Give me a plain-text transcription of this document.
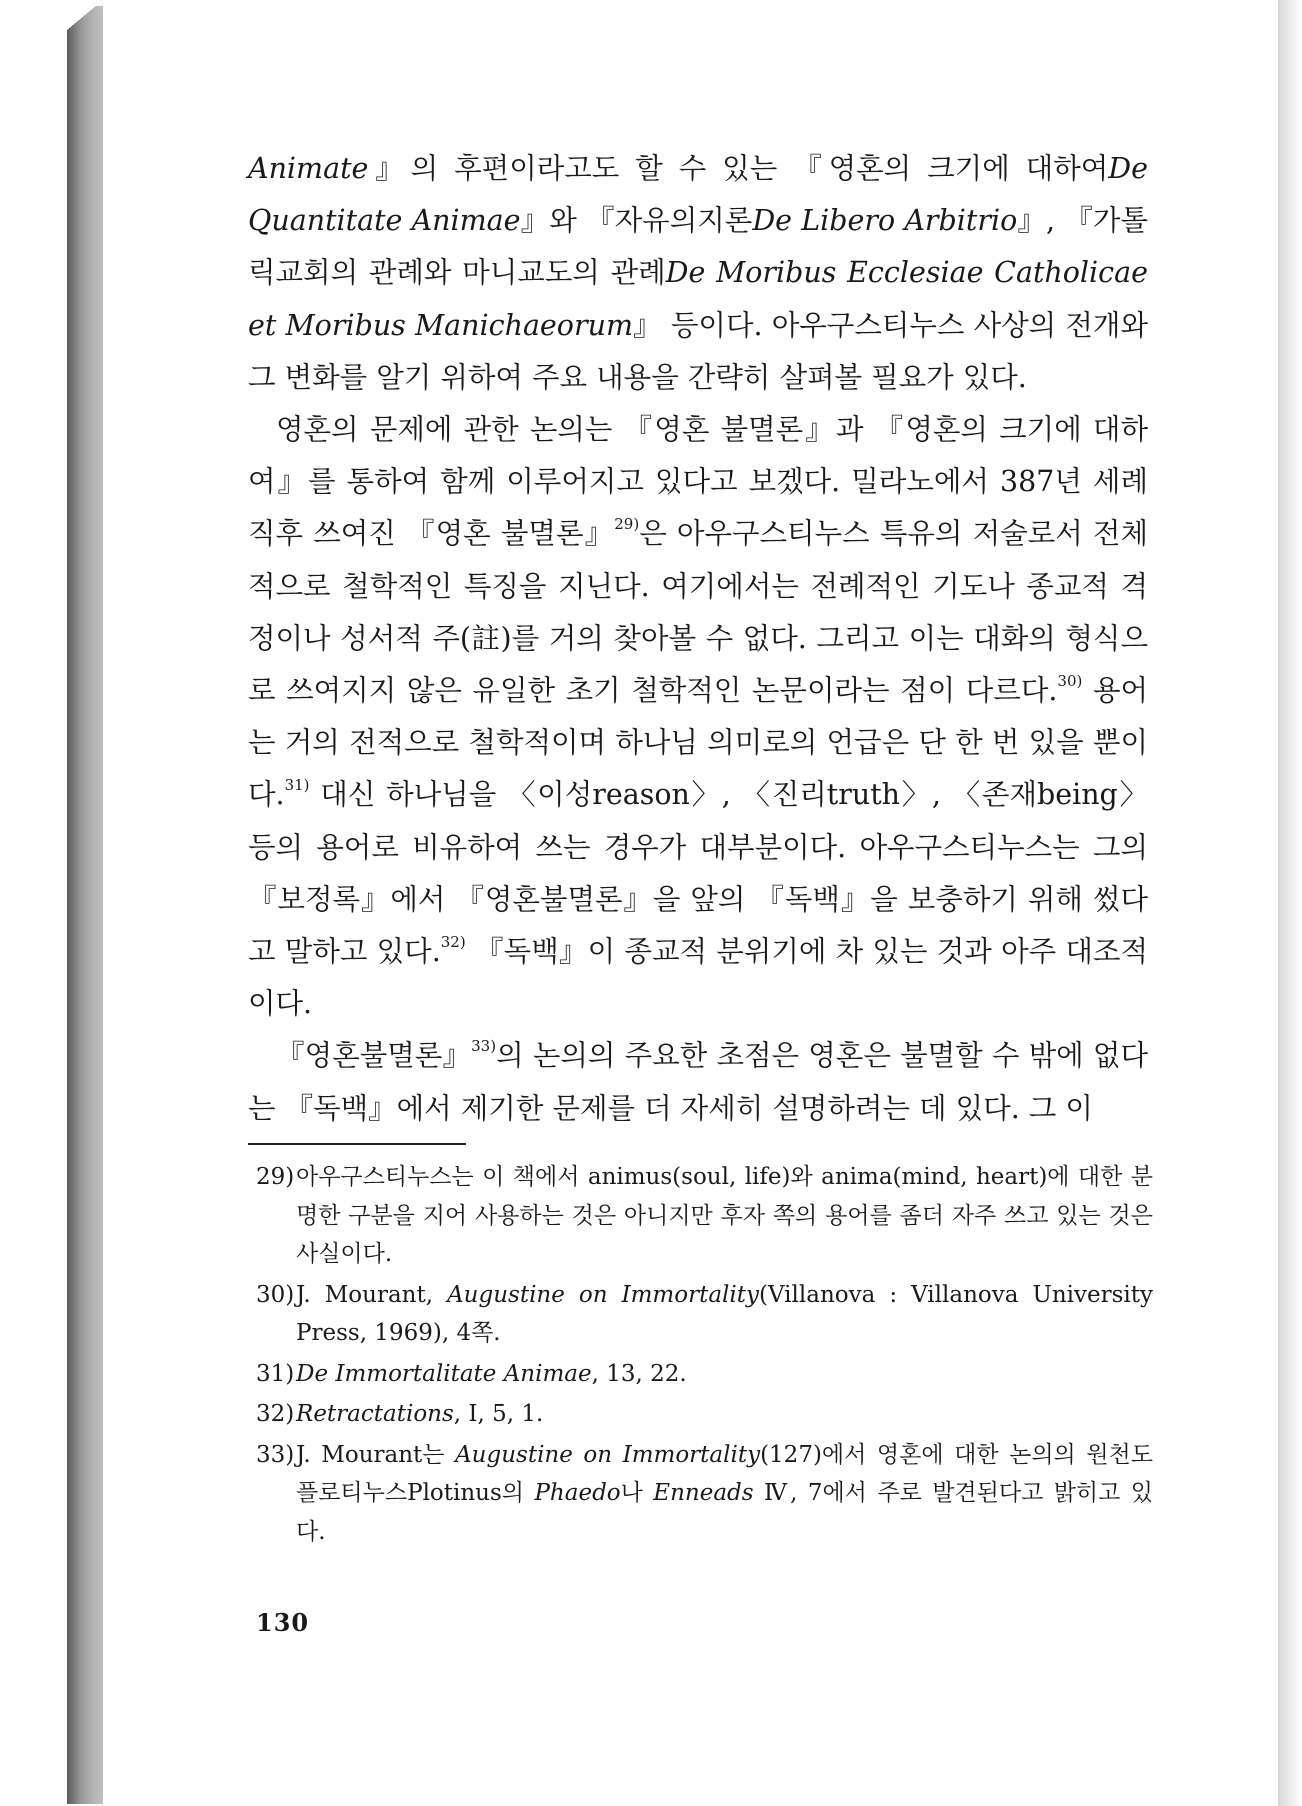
Animate』의 후편이라고도 할 수 있는 『영혼의 크기에 대하여De Quantitate Animae』와 『자유의지론De Libero Arbitrio』, 『가톨릭교회의 관례와 마니교도의 관례De Moribus Ecclesiae Catholicae et Moribus Manichaeorum』 등이다. 아우구스티누스 사상의 전개와 그 변화를 알기 위하여 주요 내용을 간략히 살펴볼 필요가 있다.

영혼의 문제에 관한 논의는 『영혼 불멸론』과 『영혼의 크기에 대하여』를 통하여 함께 이루어지고 있다고 보겠다. 밀라노에서 387년 세례 직후 쓰여진 『영혼 불멸론』$^{29)}$은 아우구스티누스 특유의 저술로서 전체적으로 철학적인 특징을 지닌다. 여기에서는 전례적인 기도나 종교적 격정이나 성서적 주(註)를 거의 찾아볼 수 없다. 그리고 이는 대화의 형식으로 쓰여지지 않은 유일한 초기 철학적인 논문이라는 점이 다르다.$^{30)}$ 용어는 거의 전적으로 철학적이며 하나님 의미로의 언급은 단 한 번 있을 뿐이다.$^{31)}$ 대신 하나님을 〈이성reason〉, 〈진리truth〉, 〈존재being〉 등의 용어로 비유하여 쓰는 경우가 대부분이다. 아우구스티누스는 그의 『보정록』에서 『영혼불멸론』을 앞의 『독백』을 보충하기 위해 썼다고 말하고 있다.$^{32)}$ 『독백』이 종교적 분위기에 차 있는 것과 아주 대조적이다.

『영혼불멸론』$^{33)}$의 논의의 주요한 초점은 영혼은 불멸할 수 밖에 없다는 『독백』에서 제기한 문제를 더 자세히 설명하려는 데 있다. 그 이

29) 아우구스티누스는 이 책에서 animus(soul, life)와 anima(mind, heart)에 대한 분명한 구분을 지어 사용하는 것은 아니지만 후자 쪽의 용어를 좀더 자주 쓰고 있는 것은 사실이다.
30) J. Mourant, Augustine on Immortality(Villanova : Villanova University Press, 1969), 4쪽.
31) De Immortalitate Animae, 13, 22.
32) Retractations, Ⅰ, 5, 1.
33) J. Mourant는 Augustine on Immortality(127)에서 영혼에 대한 논의의 원천도 플로티누스Plotinus의 Phaedo나 Enneads Ⅳ, 7에서 주로 발견된다고 밝히고 있다.
130
